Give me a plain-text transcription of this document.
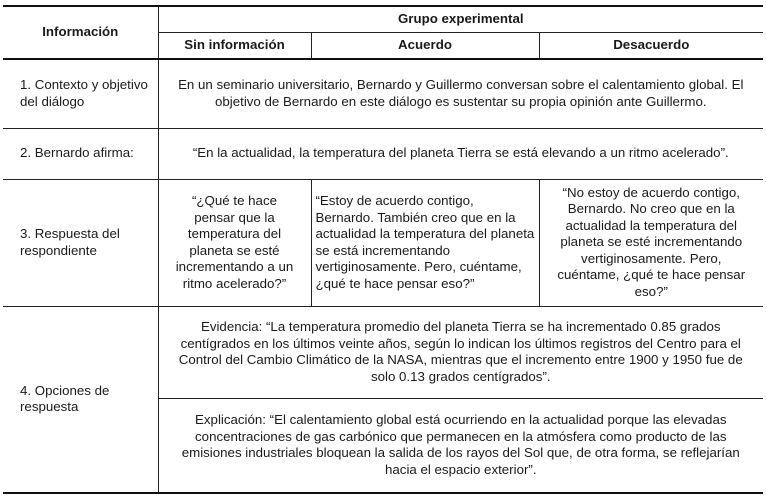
Información	Grupo experimental		
	Sin información	Acuerdo	Desacuerdo
1. Contexto y objetivo del diálogo	En un seminario universitario, Bernardo y Guillermo conversan sobre el calentamiento global. El objetivo de Bernardo en este diálogo es sustentar su propia opinión ante Guillermo.		
2. Bernardo afirma:	“En la actualidad, la temperatura del planeta Tierra se está elevando a un ritmo acelerado”.		
3. Respuesta del respondiente	“¿Qué te hace pensar que la temperatura del planeta se esté incrementando a un ritmo acelerado?”	“Estoy de acuerdo contigo, Bernardo. También creo que en la actualidad la temperatura del planeta se está incrementando vertiginosamente. Pero, cuéntame, ¿qué te hace pensar eso?”	“No estoy de acuerdo contigo, Bernardo. No creo que en la actualidad la temperatura del planeta se esté incrementando vertiginosamente. Pero, cuéntame, ¿qué te hace pensar eso?”
4. Opciones de respuesta	Evidencia: “La temperatura promedio del planeta Tierra se ha incrementado 0.85 grados centígrados en los últimos veinte años, según lo indican los últimos registros del Centro para el Control del Cambio Climático de la NASA, mientras que el incremento entre 1900 y 1950 fue de solo 0.13 grados centígrados”.		
	Explicación: “El calentamiento global está ocurriendo en la actualidad porque las elevadas concentraciones de gas carbónico que permanecen en la atmósfera como producto de las emisiones industriales bloquean la salida de los rayos del Sol que, de otra forma, se reflejarían hacia el espacio exterior”.		
